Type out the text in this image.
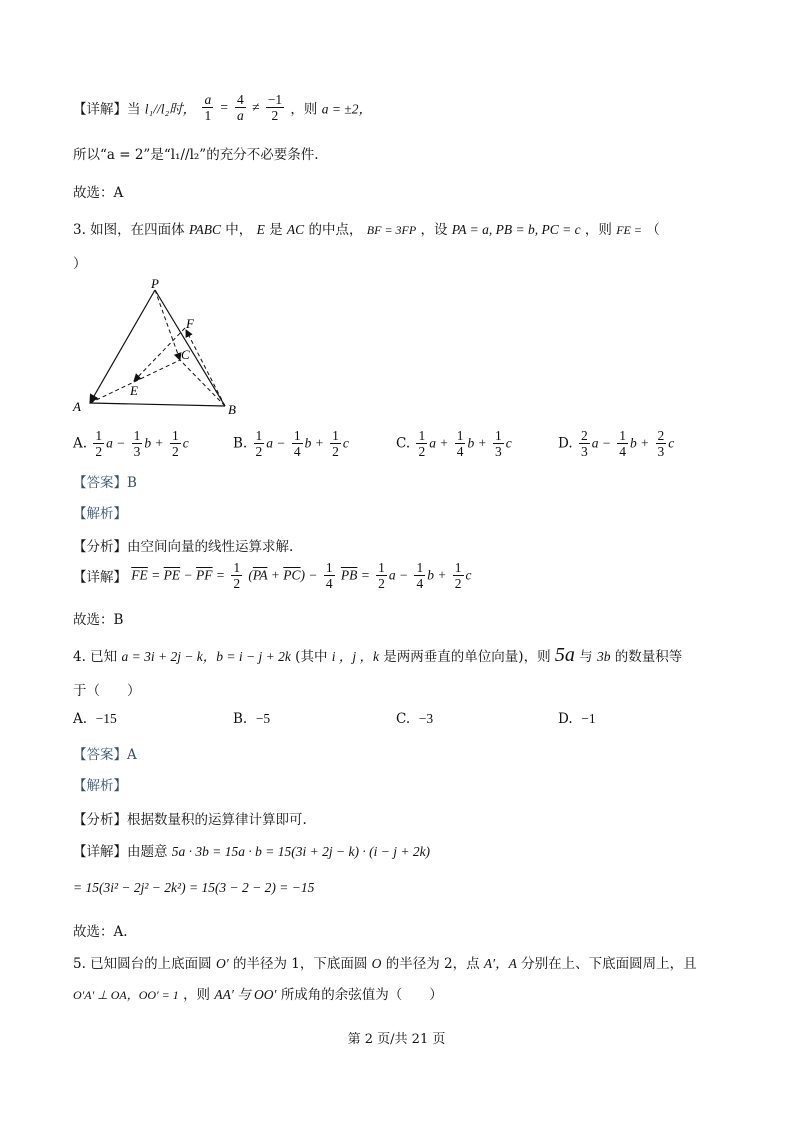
【详解】当 l₁//l₂时， $\frac{a}{1} = \frac{4}{a} \ne \frac{-1}{2}$ ，则 a = ±2，
所以“a = 2”是“l₁//l₂”的充分不必要条件.
故选：A
3. 如图，在四面体 PABC 中， E 是 AC 的中点， BF = 3FP ，设 PA = a, PB = b, PC = c ，则 FE = （
）
P
F
C
E
A	B
A. $\frac{1}{2}$ $a - \frac{1}{3}$ $b + \frac{1}{2}$ c	B. $\frac{1}{2}$ $a - \frac{1}{4}$ $b + \frac{1}{2}$ c	C. $\frac{1}{2}$ $a + \frac{1}{4}$ $b + \frac{1}{3}$ c	D. $\frac{2}{3}$ $a - \frac{1}{4}$ $b + \frac{2}{3}$ c
【答案】B
【解析】
【分析】由空间向量的线性运算求解.
【详解】 $\overline{FE} = \overline{PE} - \overline{PF} = \frac{1}{2} (\overline{PA} + \overline{PC}) - \frac{1}{4} \overline{PB} = \frac{1}{2}$ $a - \frac{1}{4}$ $b + \frac{1}{2}$ c
故选：B
4. 已知 a = 3i + 2j − k，b = i − j + 2k (其中 i ，j ，k 是两两垂直的单位向量)，则 5a 与 3b 的数量积等
于（　　）
A. −15	B. −5	C. −3	D. −1
【答案】A
【解析】
【分析】根据数量积的运算律计算即可.
【详解】由题意 5a · 3b = 15a · b = 15(3i + 2j − k) · (i − j + 2k)
= 15(3i² − 2j² − 2k²) = 15(3 − 2 − 2) = −15
故选：A.
5. 已知圆台的上底面圆 O′ 的半径为 1，下底面圆 O 的半径为 2，点 A′，A 分别在上、下底面圆周上，且
O′A′ ⊥ OA，OO′ = 1 ，则 AA′ 与 OO′ 所成角的余弦值为（　　）
第 2 页/共 21 页
